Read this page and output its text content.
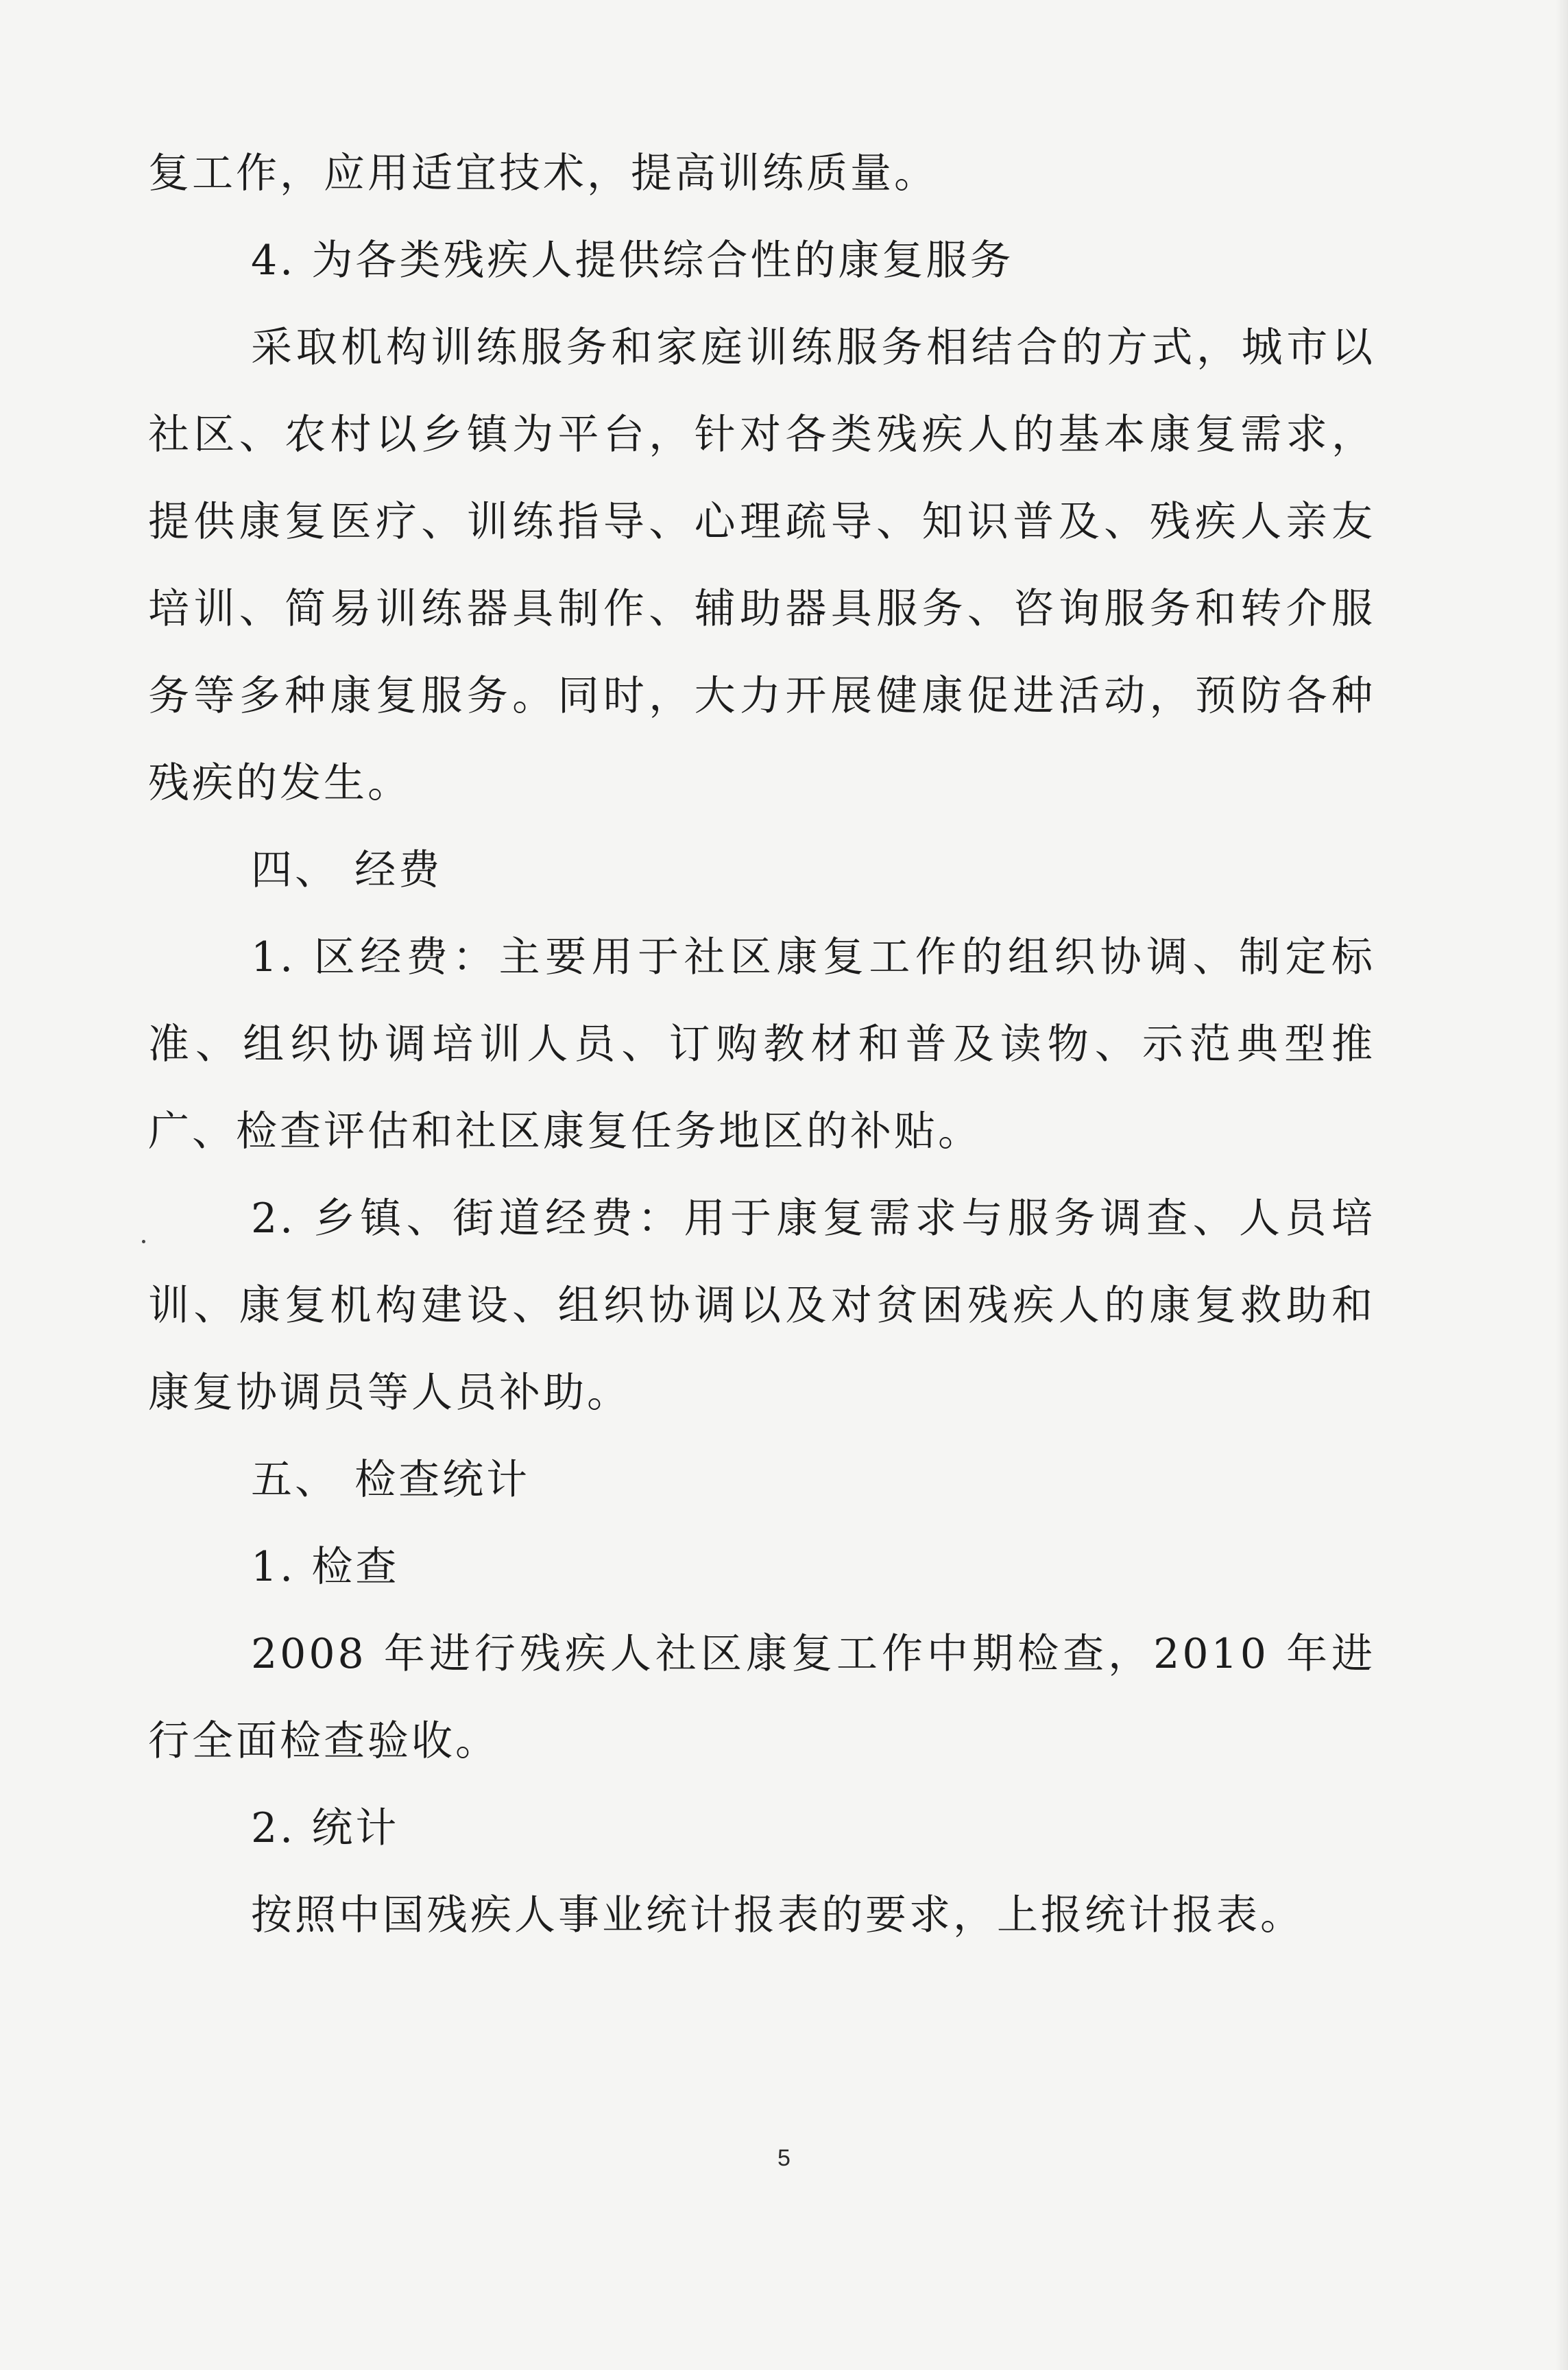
复工作，应用适宜技术，提高训练质量。

4. 为各类残疾人提供综合性的康复服务

采取机构训练服务和家庭训练服务相结合的方式，城市以社区、农村以乡镇为平台，针对各类残疾人的基本康复需求，提供康复医疗、训练指导、心理疏导、知识普及、残疾人亲友培训、简易训练器具制作、辅助器具服务、咨询服务和转介服务等多种康复服务。同时，大力开展健康促进活动，预防各种残疾的发生。

四、 经费

1. 区经费：主要用于社区康复工作的组织协调、制定标准、组织协调培训人员、订购教材和普及读物、示范典型推广、检查评估和社区康复任务地区的补贴。

2. 乡镇、街道经费：用于康复需求与服务调查、人员培训、康复机构建设、组织协调以及对贫困残疾人的康复救助和康复协调员等人员补助。

五、 检查统计

1. 检查

2008 年进行残疾人社区康复工作中期检查，2010 年进行全面检查验收。

2. 统计

按照中国残疾人事业统计报表的要求，上报统计报表。

5
